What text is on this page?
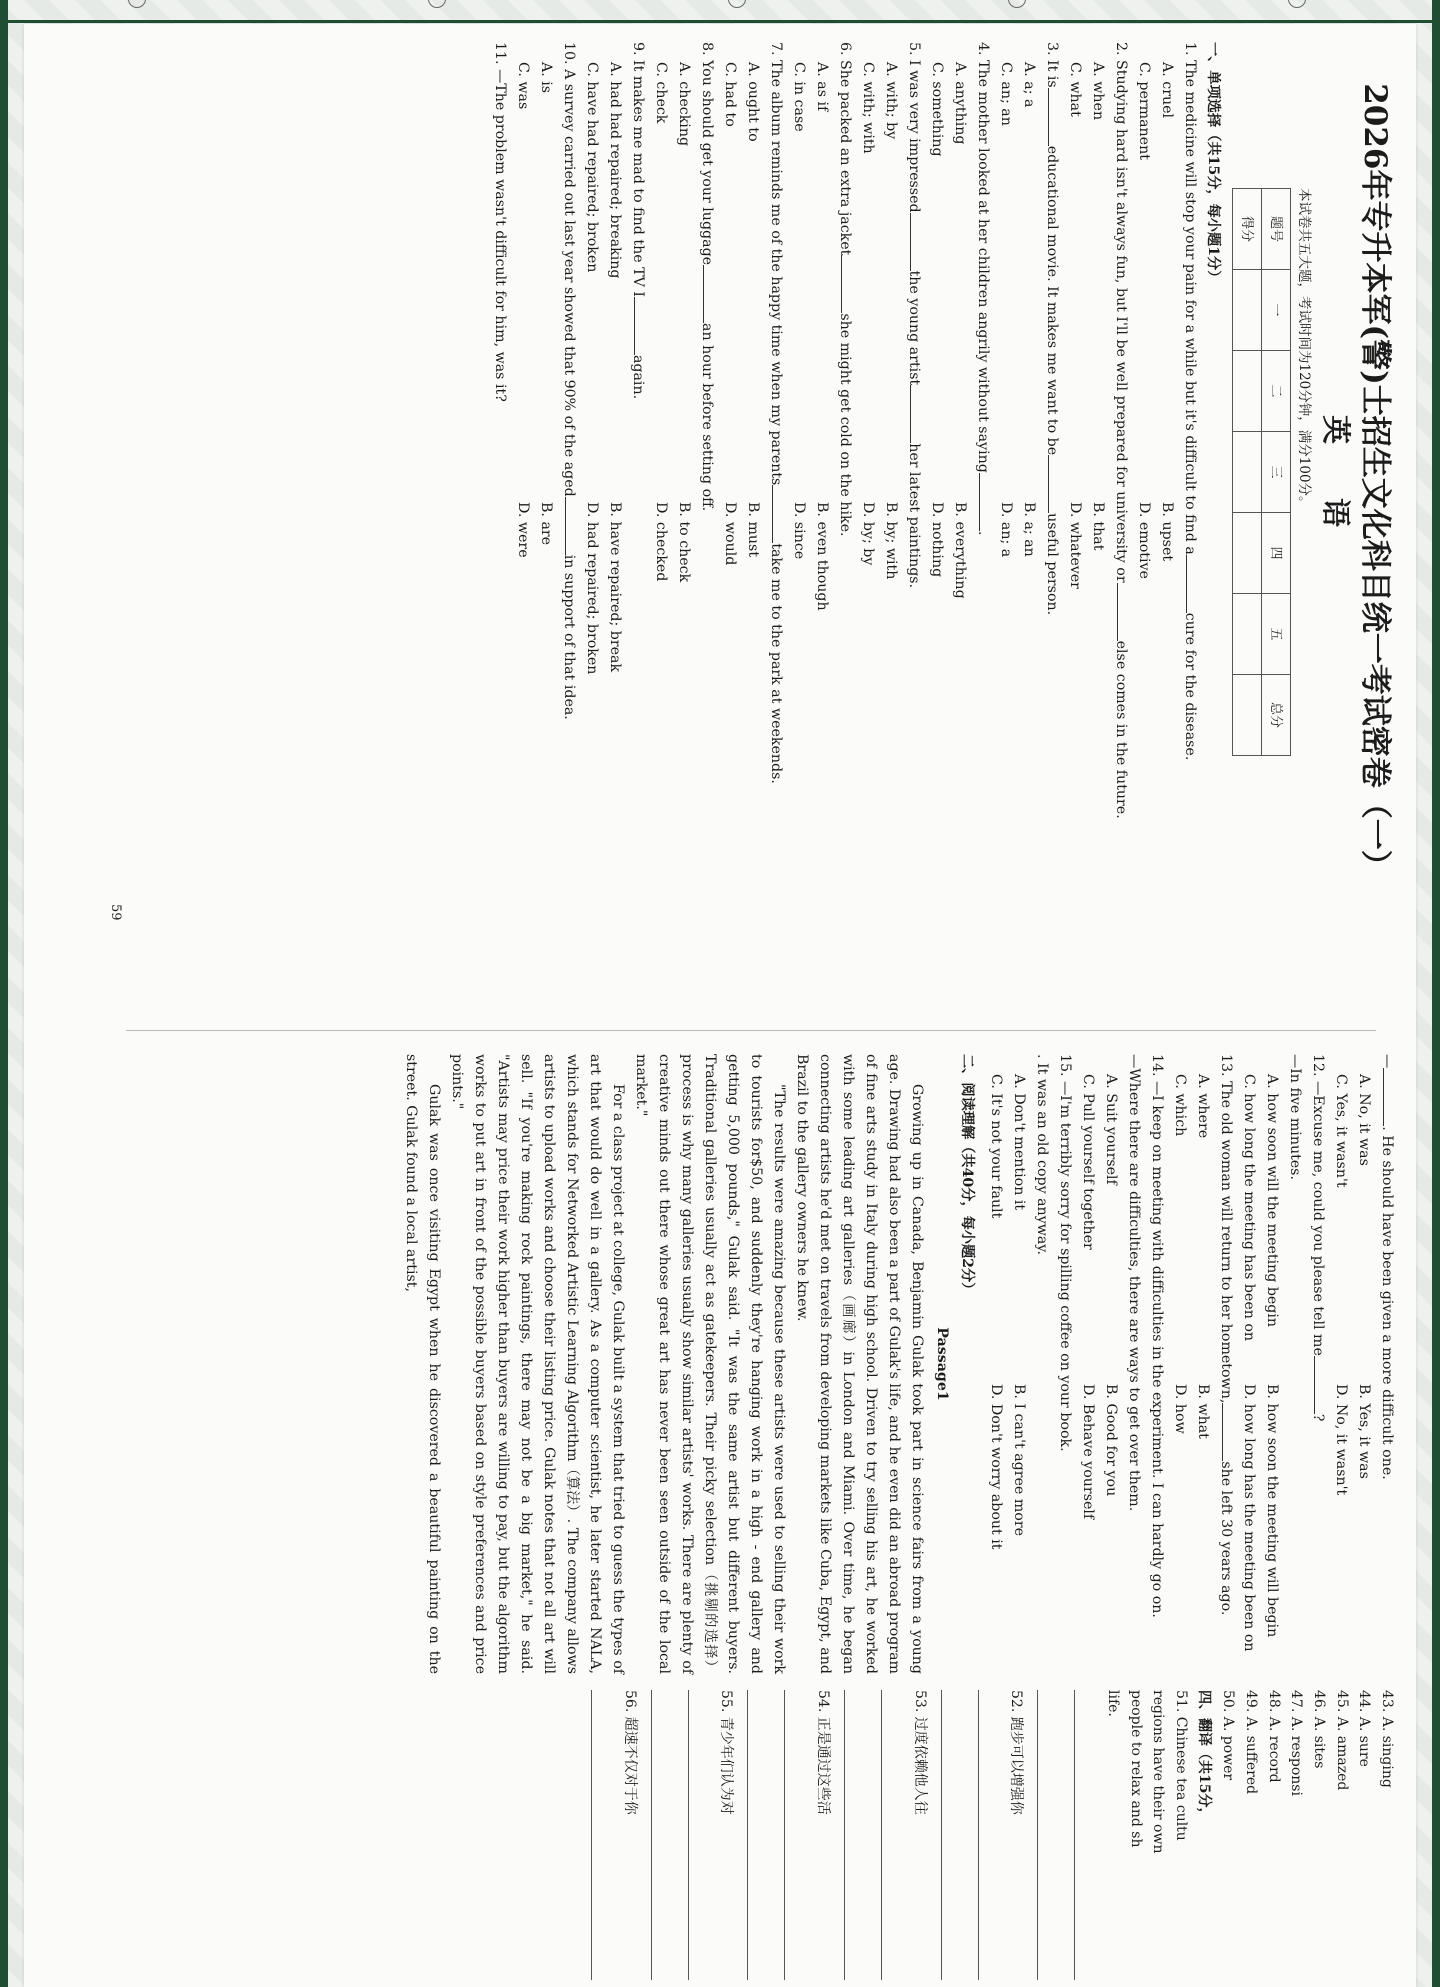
2026年专升本军(警)士招生文化科目统一考试密卷（一）
英 语
本试卷共五大题，考试时间为120分钟，满分100分。
题号	一	二	三	四	五	总分
得分						
一、单项选择（共15分，每小题1分）
1. The medicine will stop your pain for a while but it's difficult to find acure for the disease.
A. cruel
B. upset
C. permanent
D. emotive
2. Studying hard isn't always fun, but I'll be well prepared for university orelse comes in the future.
A. when
B. that
C. what
D. whatever
3. It iseducational movie. It makes me want to beuseful person.
A. a; a
B. a; an
C. an; an
D. an; a
4. The mother looked at her children angrily without saying.
A. anything
B. everything
C. something
D. nothing
5. I was very impressedthe young artisther latest paintings.
A. with; by
B. by; with
C. with; with
D. by; by
6. She packed an extra jacketshe might get cold on the hike.
A. as if
B. even though
C. in case
D. since
7. The album reminds me of the happy time when my parentstake me to the park at weekends.
A. ought to
B. must
C. had to
D. would
8. You should get your luggagean hour before setting off.
A. checking
B. to check
C. check
D. checked
9. It makes me mad to find the TV Iagain.
A. had had repaired; breaking
B. have repaired; break
C. have had repaired; broken
D. had repaired; broken
10. A survey carried out last year showed that 90% of the agedin support of that idea.
A. is
B. are
C. was
D. were
11. —The problem wasn't difficult for him, was it?
59
—. He should have been given a more difficult one.
A. No, it was
B. Yes, it was
C. Yes, it wasn't
D. No, it wasn't
12. —Excuse me, could you please tell me?
—In five minutes.
A. how soon will the meeting begin
B. how soon the meeting will begin
C. how long the meeting has been on
D. how long has the meeting been on
13. The old woman will return to her hometown,she left 30 years ago.
A. where
B. what
C. which
D. how
14. —I keep on meeting with difficulties in the experiment. I can hardly go on.
—Where there are difficulties, there are ways to get over them.
A. Suit yourself
B. Good for you
C. Pull yourself together
D. Behave yourself
15. —I'm terribly sorry for spilling coffee on your book.
. It was an old copy anyway.
A. Don't mention it
B. I can't agree more
C. It's not your fault
D. Don't worry about it
二、阅读理解（共40分，每小题2分）
Passage1

Growing up in Canada, Benjamin Gulak took part in science fairs from a young age. Drawing had also been a part of Gulak's life, and he even did an abroad program of fine arts study in Italy during high school. Driven to try selling his art, he worked with some leading art galleries（画廊）in London and Miami. Over time, he began connecting artists he'd met on travels from developing markets like Cuba, Egypt, and Brazil to the gallery owners he knew.

"The results were amazing because these artists were used to selling their work to tourists for$50, and suddenly they're hanging work in a high - end gallery and getting 5,000 pounds," Gulak said. "It was the same artist but different buyers. Traditional galleries usually act as gatekeepers. Their picky selection（挑剔的选择）process is why many galleries usually show similar artists' works. There are plenty of creative minds out there whose great art has never been seen outside of the local market."

For a class project at college, Gulak built a system that tried to guess the types of art that would do well in a gallery. As a computer scientist, he later started NALA, which stands for Networked Artistic Learning Algorithm（算法）. The company allows artists to upload works and choose their listing price. Gulak notes that not all art will sell. "If you're making rock paintings, there may not be a big market," he said. "Artists may price their work higher than buyers are willing to pay, but the algorithm works to put art in front of the possible buyers based on style preferences and price points."

Gulak was once visiting Egypt when he discovered a beautiful painting on the street. Gulak found a local artist,

43. A. singing
44. A. sure
45. A. amazed
46. A. sites
47. A. responsi
48. A. record
49. A. suffered
50. A. power
四、翻译（共15分，
51. Chinese tea cultu
regions have their own
people to relax and sh
life.
52. 跑步可以增强你
53. 过度依赖他人往
54. 正是通过这些活
55. 青少年们认为对
56. 超速不仅对于你
